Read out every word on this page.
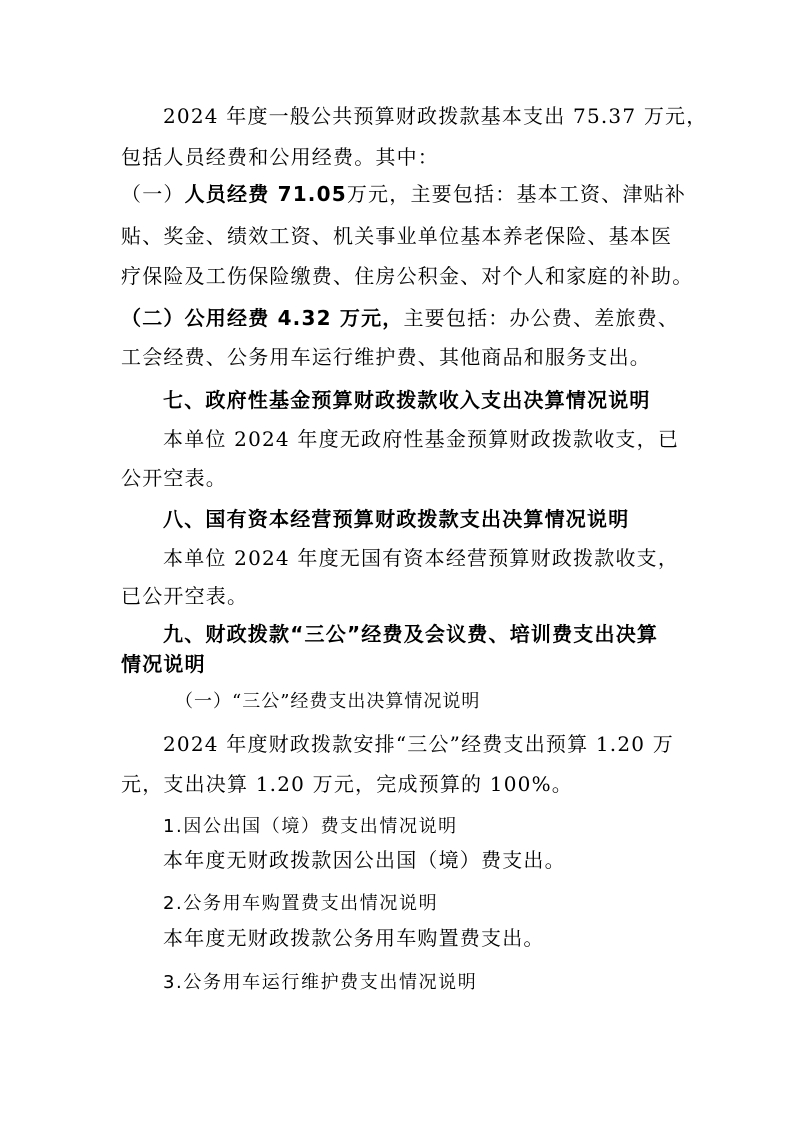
2024 年度一般公共预算财政拨款基本支出 75.37 万元，
包括人员经费和公用经费。其中：
（一）人员经费 71.05万元，主要包括：基本工资、津贴补
贴、奖金、绩效工资、机关事业单位基本养老保险、基本医
疗保险及工伤保险缴费、住房公积金、对个人和家庭的补助。
（二）公用经费 4.32 万元，主要包括：办公费、差旅费、
工会经费、公务用车运行维护费、其他商品和服务支出。
七、政府性基金预算财政拨款收入支出决算情况说明
本单位 2024 年度无政府性基金预算财政拨款收支，已
公开空表。
八、国有资本经营预算财政拨款支出决算情况说明
本单位 2024 年度无国有资本经营预算财政拨款收支，
已公开空表。
九、财政拨款“三公”经费及会议费、培训费支出决算
情况说明
（一）“三公”经费支出决算情况说明
2024 年度财政拨款安排“三公”经费支出预算 1.20 万
元，支出决算 1.20 万元，完成预算的 100%。
1.因公出国（境）费支出情况说明
本年度无财政拨款因公出国（境）费支出。
2.公务用车购置费支出情况说明
本年度无财政拨款公务用车购置费支出。
3.公务用车运行维护费支出情况说明
